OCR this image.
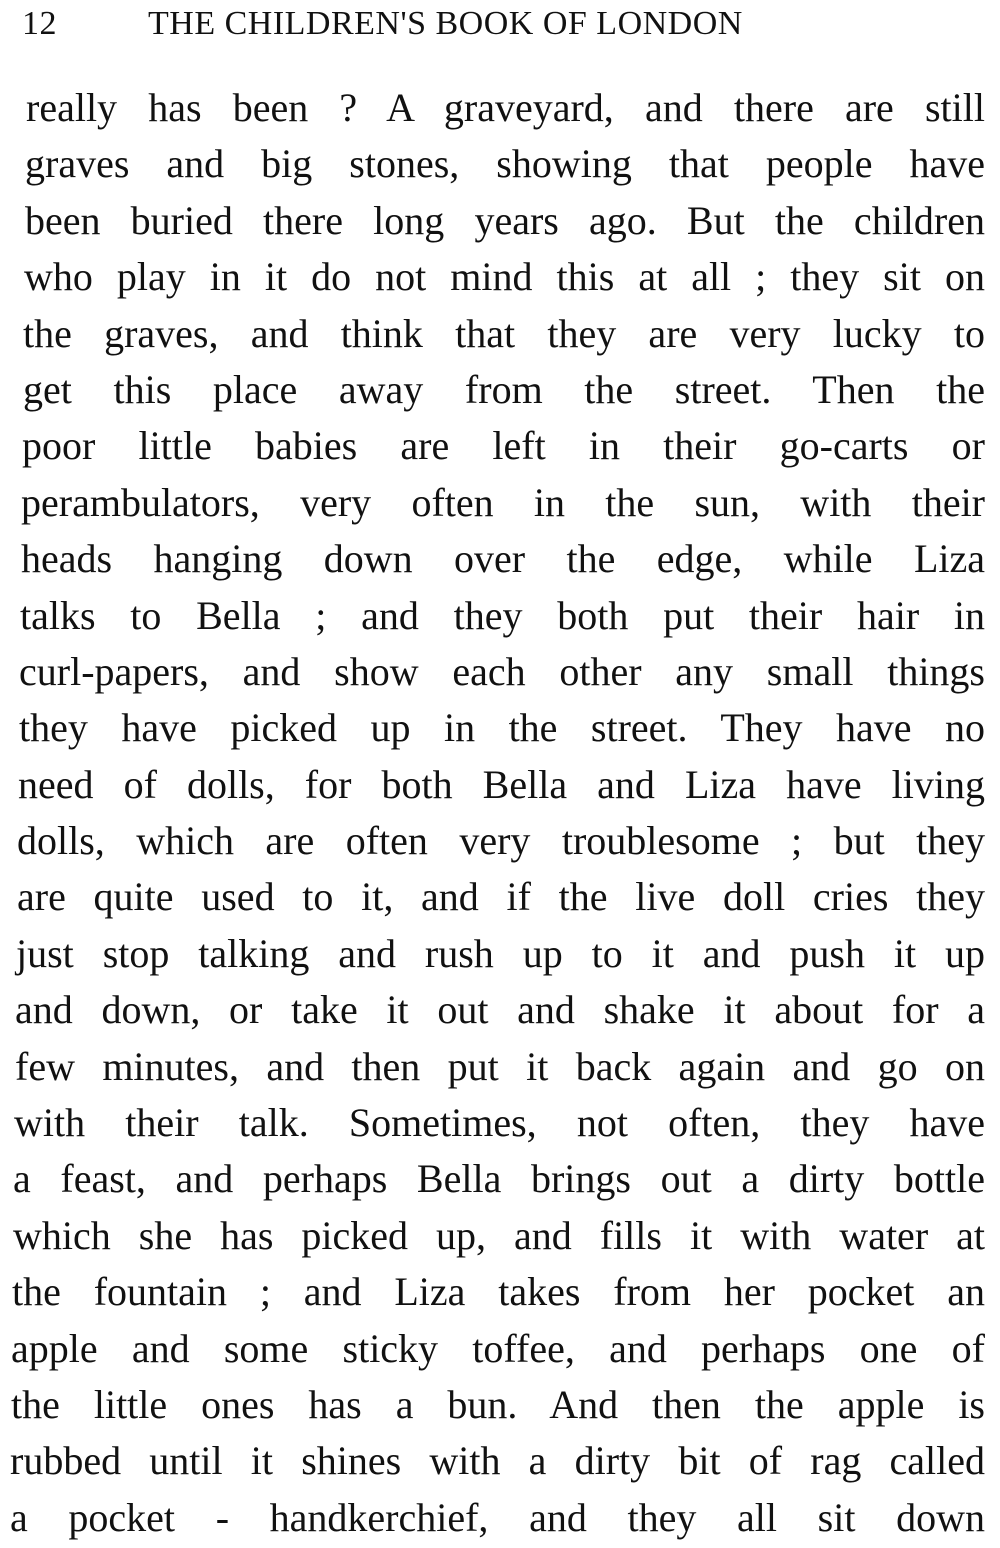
12	THE CHILDREN'S BOOK OF LONDON
really has been ? A graveyard, and there are still
graves and big stones, showing that people have
been buried there long years ago. But the children
who play in it do not mind this at all ; they sit on
the graves, and think that they are very lucky to
get this place away from the street. Then the
poor little babies are left in their go-carts or
perambulators, very often in the sun, with their
heads hanging down over the edge, while Liza
talks to Bella ; and they both put their hair in
curl-papers, and show each other any small things
they have picked up in the street. They have no
need of dolls, for both Bella and Liza have living
dolls, which are often very troublesome ; but they
are quite used to it, and if the live doll cries they
just stop talking and rush up to it and push it up
and down, or take it out and shake it about for a
few minutes, and then put it back again and go on
with their talk. Sometimes, not often, they have
a feast, and perhaps Bella brings out a dirty bottle
which she has picked up, and fills it with water at
the fountain ; and Liza takes from her pocket an
apple and some sticky toffee, and perhaps one of
the little ones has a bun. And then the apple is
rubbed until it shines with a dirty bit of rag called
a pocket - handkerchief, and they all sit down
